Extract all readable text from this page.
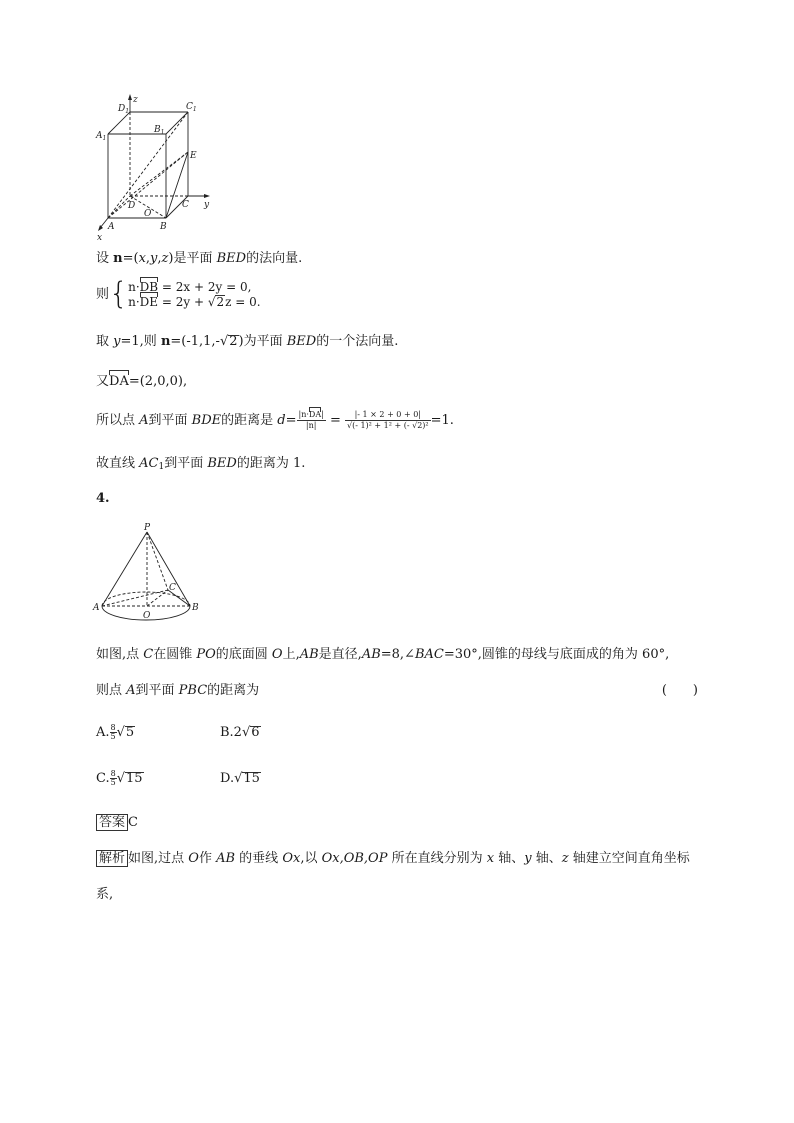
$D_1$
z
$C_1$
$A_1$
$B_1$
E
D
O
C y
A	B
x
设 n=(x,y,z)是平面 BED的法向量.
则{n·DB = 2x + 2y = 0,
n·DE = 2y + √2z = 0.
取 y=1,则 n=(-1,1,-√2)为平面 BED的一个法向量.
又DA=(2,0,0),
所以点 A到平面 BDE的距离是 $d= \frac{|n\cdot DA|}{|n|} = \frac{|- 1 \times 2 + 0 + 0|}{\text{√(- 1)² + 1² + (- √2)²}} =1$.
故直线 AC1到平面 BED的距离为 1.
4.
P
C
A
O
B
如图,点 C在圆锥 PO的底面圆 O上,AB是直径,AB=8,∠BAC=30°,圆锥的母线与底面成的角为 60°,
则点 A到平面 PBC的距离为	(　　)
A. $\frac{8}{5} √5$	B.2√6
C. $\frac{8}{5} √15$	D.√15
答案 C
解析 如图,过点 O作 AB 的垂线 Ox,以 Ox,OB,OP 所在直线分别为 x 轴、y 轴、z 轴建立空间直角坐标
系,
